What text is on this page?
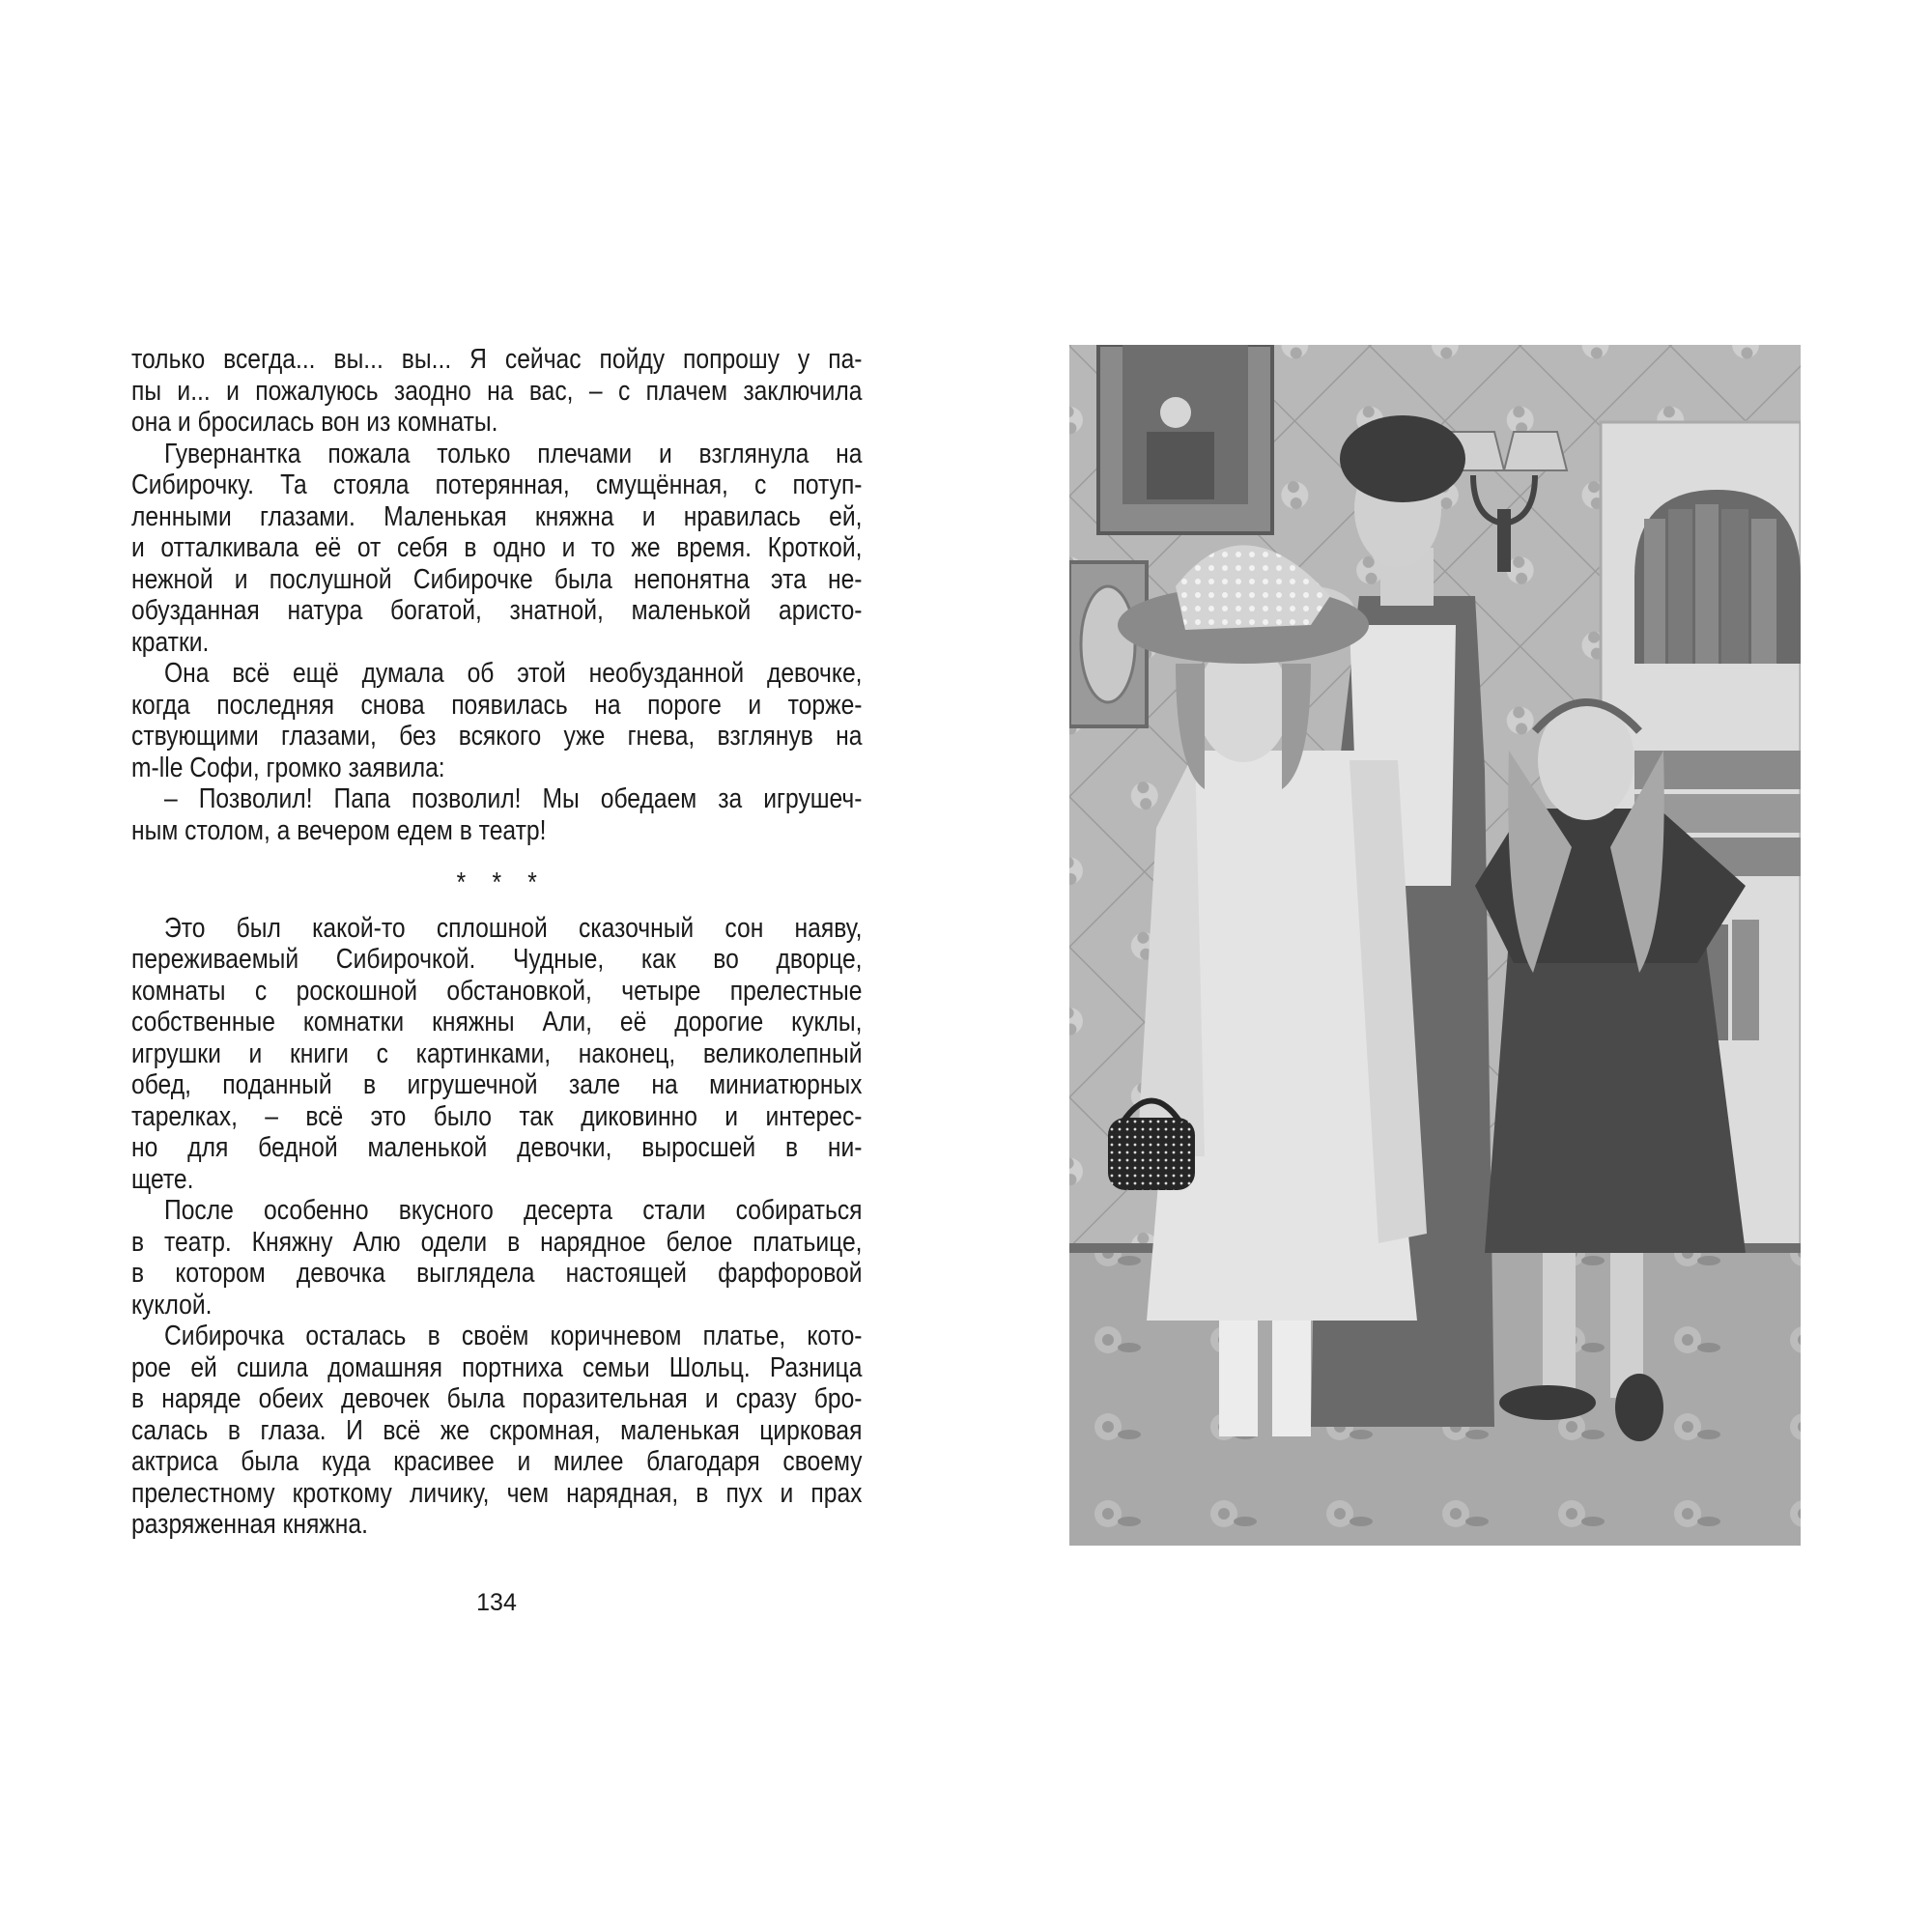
только всегда... вы... вы... Я сейчас пойду попрошу у па-
пы и... и пожалуюсь заодно на вас, – с плачем заключила
она и бросилась вон из комнаты.
Гувернантка пожала только плечами и взглянула на
Сибирочку. Та стояла потерянная, смущённая, с потуп-
ленными глазами. Маленькая княжна и нравилась ей,
и отталкивала её от себя в одно и то же время. Кроткой,
нежной и послушной Сибирочке была непонятна эта не-
обузданная натура богатой, знатной, маленькой аристо-
кратки.
Она всё ещё думала об этой необузданной девочке,
когда последняя снова появилась на пороге и торже-
ствующими глазами, без всякого уже гнева, взглянув на
m-lle Софи, громко заявила:
– Позволил! Папа позволил! Мы обедаем за игрушеч-
ным столом, а вечером едем в театр!
* * *
Это был какой-то сплошной сказочный сон наяву,
переживаемый Сибирочкой. Чудные, как во дворце,
комнаты с роскошной обстановкой, четыре прелестные
собственные комнатки княжны Али, её дорогие куклы,
игрушки и книги с картинками, наконец, великолепный
обед, поданный в игрушечной зале на миниатюрных
тарелках, – всё это было так диковинно и интерес-
но для бедной маленькой девочки, выросшей в ни-
щете.
После особенно вкусного десерта стали собираться
в театр. Княжну Алю одели в нарядное белое платьице,
в котором девочка выглядела настоящей фарфоровой
куклой.
Сибирочка осталась в своём коричневом платье, кото-
рое ей сшила домашняя портниха семьи Шольц. Разница
в наряде обеих девочек была поразительная и сразу бро-
салась в глаза. И всё же скромная, маленькая цирковая
актриса была куда красивее и милее благодаря своему
прелестному кроткому личику, чем нарядная, в пух и прах
разряженная княжна.
134
